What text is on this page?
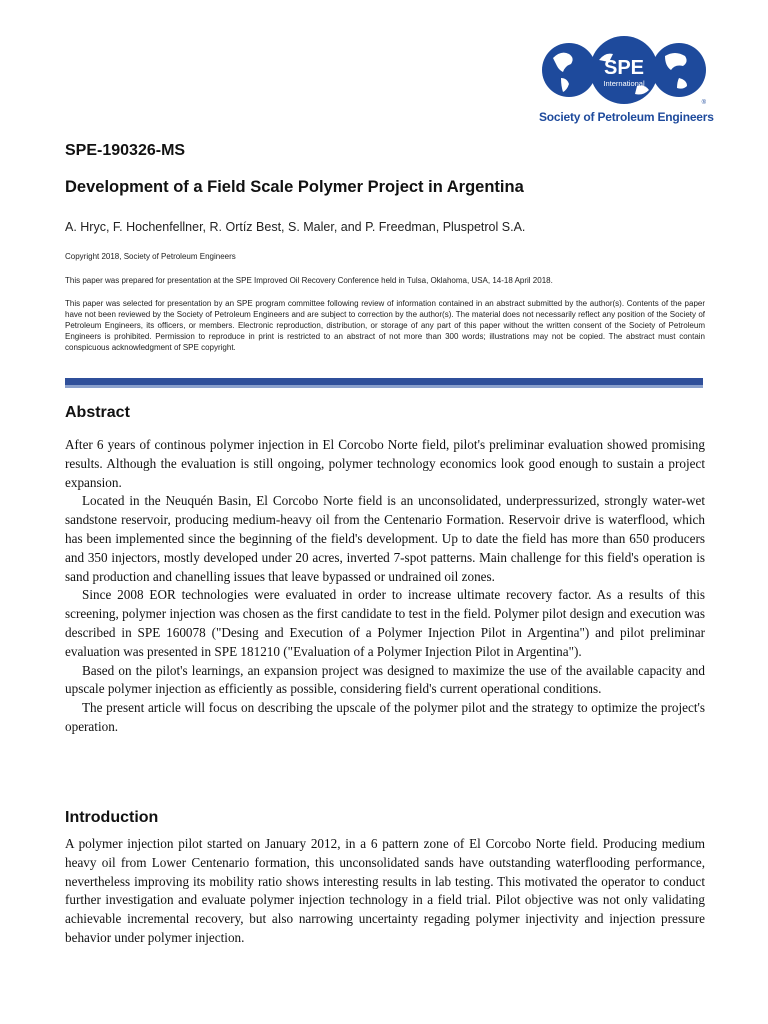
SPE
International
®
Society of Petroleum Engineers
SPE-190326-MS
Development of a Field Scale Polymer Project in Argentina
A. Hryc, F. Hochenfellner, R. Ortíz Best, S. Maler, and P. Freedman, Pluspetrol S.A.
Copyright 2018, Society of Petroleum Engineers
This paper was prepared for presentation at the SPE Improved Oil Recovery Conference held in Tulsa, Oklahoma, USA, 14-18 April 2018.
This paper was selected for presentation by an SPE program committee following review of information contained in an abstract submitted by the author(s). Contents of the paper have not been reviewed by the Society of Petroleum Engineers and are subject to correction by the author(s). The material does not necessarily reflect any position of the Society of Petroleum Engineers, its officers, or members. Electronic reproduction, distribution, or storage of any part of this paper without the written consent of the Society of Petroleum Engineers is prohibited. Permission to reproduce in print is restricted to an abstract of not more than 300 words; illustrations may not be copied. The abstract must contain conspicuous acknowledgment of SPE copyright.
Abstract

After 6 years of continous polymer injection in El Corcobo Norte field, pilot's preliminar evaluation showed promising results. Although the evaluation is still ongoing, polymer technology economics look good enough to sustain a project expansion.

Located in the Neuquén Basin, El Corcobo Norte field is an unconsolidated, underpressurized, strongly water-wet sandstone reservoir, producing medium-heavy oil from the Centenario Formation. Reservoir drive is waterflood, which has been implemented since the beginning of the field's development. Up to date the field has more than 650 producers and 350 injectors, mostly developed under 20 acres, inverted 7-spot patterns. Main challenge for this field's operation is sand production and chanelling issues that leave bypassed or undrained oil zones.

Since 2008 EOR technologies were evaluated in order to increase ultimate recovery factor. As a results of this screening, polymer injection was chosen as the first candidate to test in the field. Polymer pilot design and execution was described in SPE 160078 ("Desing and Execution of a Polymer Injection Pilot in Argentina") and pilot preliminar evaluation was presented in SPE 181210 ("Evaluation of a Polymer Injection Pilot in Argentina").

Based on the pilot's learnings, an expansion project was designed to maximize the use of the available capacity and upscale polymer injection as efficiently as possible, considering field's current operational conditions.

The present article will focus on describing the upscale of the polymer pilot and the strategy to optimize the project's operation.

Introduction

A polymer injection pilot started on January 2012, in a 6 pattern zone of El Corcobo Norte field. Producing medium heavy oil from Lower Centenario formation, this unconsolidated sands have outstanding waterflooding performance, nevertheless improving its mobility ratio shows interesting results in lab testing. This motivated the operator to conduct further investigation and evaluate polymer injection technology in a field trial. Pilot objective was not only validating achievable incremental recovery, but also narrowing uncertainty regading polymer injectivity and injection pressure behavior under polymer injection.
